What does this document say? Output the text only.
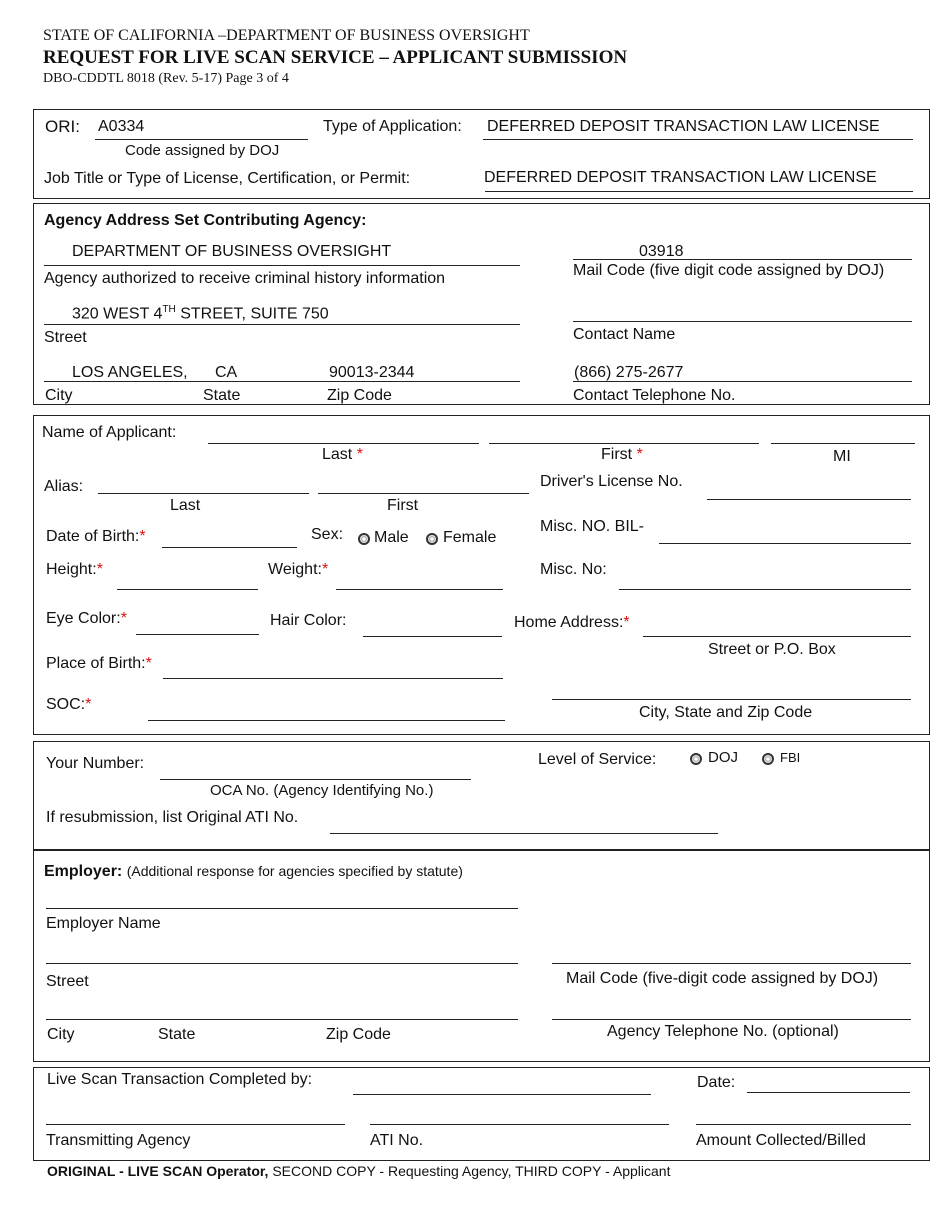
STATE OF CALIFORNIA –DEPARTMENT OF BUSINESS OVERSIGHT
REQUEST FOR LIVE SCAN SERVICE – APPLICANT SUBMISSION
DBO-CDDTL 8018 (Rev. 5-17) Page 3 of 4
ORI: A0334
Code assigned by DOJ
Type of Application: DEFERRED DEPOSIT TRANSACTION LAW LICENSE
Job Title or Type of License, Certification, or Permit:	DEFERRED DEPOSIT TRANSACTION LAW LICENSE
Agency Address Set Contributing Agency:
DEPARTMENT OF BUSINESS OVERSIGHT
Agency authorized to receive criminal history information
03918
Mail Code (five digit code assigned by DOJ)
320 WEST 4TH STREET, SUITE 750
Street	Contact Name
LOS ANGELES, CA	90013-2344	(866) 275-2677
City	State	Zip Code	Contact Telephone No.
Name of Applicant:
Last *	First *	MI
Alias:
Last	First
Driver's License No.
Date of Birth:*	Sex: Male Female
Misc. NO. BIL-
Height:*	Weight:*	Misc. No:
Eye Color:*	Hair Color:	Home Address:*
Street or P.O. Box
Place of Birth:*
SOC:*	City, State and Zip Code
Your Number:
OCA No. (Agency Identifying No.)
Level of Service:	DOJ	FBI
If resubmission, list Original ATI No.
Employer: (Additional response for agencies specified by statute)
Employer Name
Street	Mail Code (five-digit code assigned by DOJ)
City	State	Zip Code	Agency Telephone No. (optional)
Live Scan Transaction Completed by:	Date:
Transmitting Agency	ATI No.	Amount Collected/Billed
ORIGINAL - LIVE SCAN Operator, SECOND COPY - Requesting Agency, THIRD COPY - Applicant
